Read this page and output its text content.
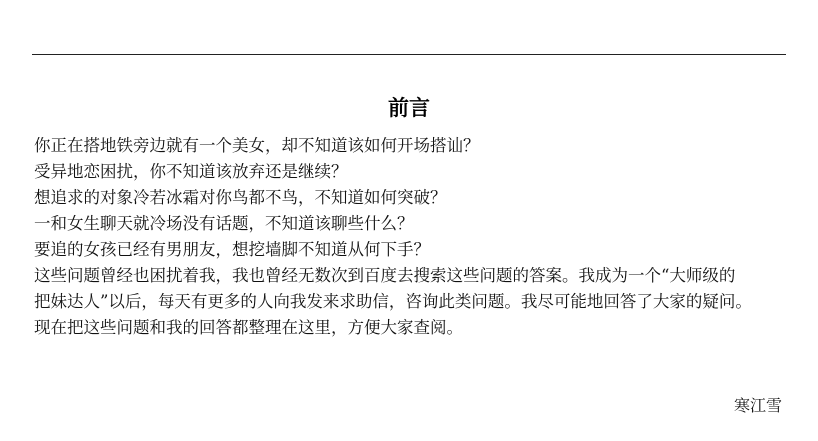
前言
你正在搭地铁旁边就有一个美女，却不知道该如何开场搭讪？
受异地恋困扰，你不知道该放弃还是继续？
想追求的对象冷若冰霜对你鸟都不鸟，不知道如何突破？
一和女生聊天就冷场没有话题，不知道该聊些什么？
要追的女孩已经有男朋友，想挖墙脚不知道从何下手？
这些问题曾经也困扰着我，我也曾经无数次到百度去搜索这些问题的答案。我成为一个“大师级的
把妹达人”以后，每天有更多的人向我发来求助信，咨询此类问题。我尽可能地回答了大家的疑问。
现在把这些问题和我的回答都整理在这里，方便大家查阅。
寒江雪
